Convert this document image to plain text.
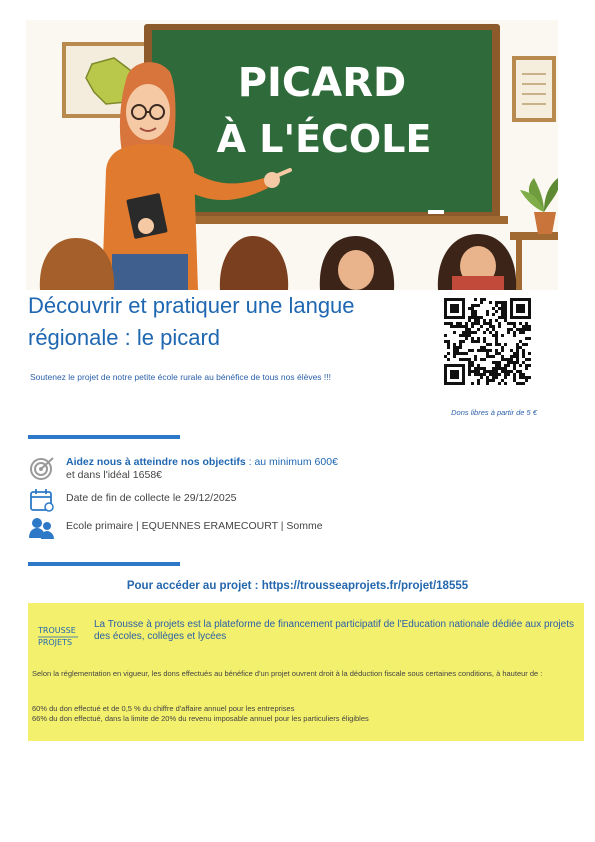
PICARD
À L'ÉCOLE
Découvrir et pratiquer une langue régionale : le picard

Soutenez le projet de notre petite école rurale au bénéfice de tous nos élèves !!!

Dons libres à partir de 5 €

Aidez nous à atteindre nos objectifs : au minimum 600€
et dans l'idéal 1658€
Date de fin de collecte le 29/12/2025
Ecole primaire | EQUENNES ERAMECOURT | Somme

Pour accéder au projet : https://trousseaprojets.fr/projet/18555

TROUSSE
PROJETS

La Trousse à projets est la plateforme de financement participatif de l'Education nationale dédiée aux projets des écoles, collèges et lycées

Selon la réglementation en vigueur, les dons effectués au bénéfice d'un projet ouvrent droit à la déduction fiscale sous certaines conditions, à hauteur de :

60% du don effectué et de 0,5 % du chiffre d'affaire annuel pour les entreprises

66% du don effectué, dans la limite de 20% du revenu imposable annuel pour les particuliers éligibles
